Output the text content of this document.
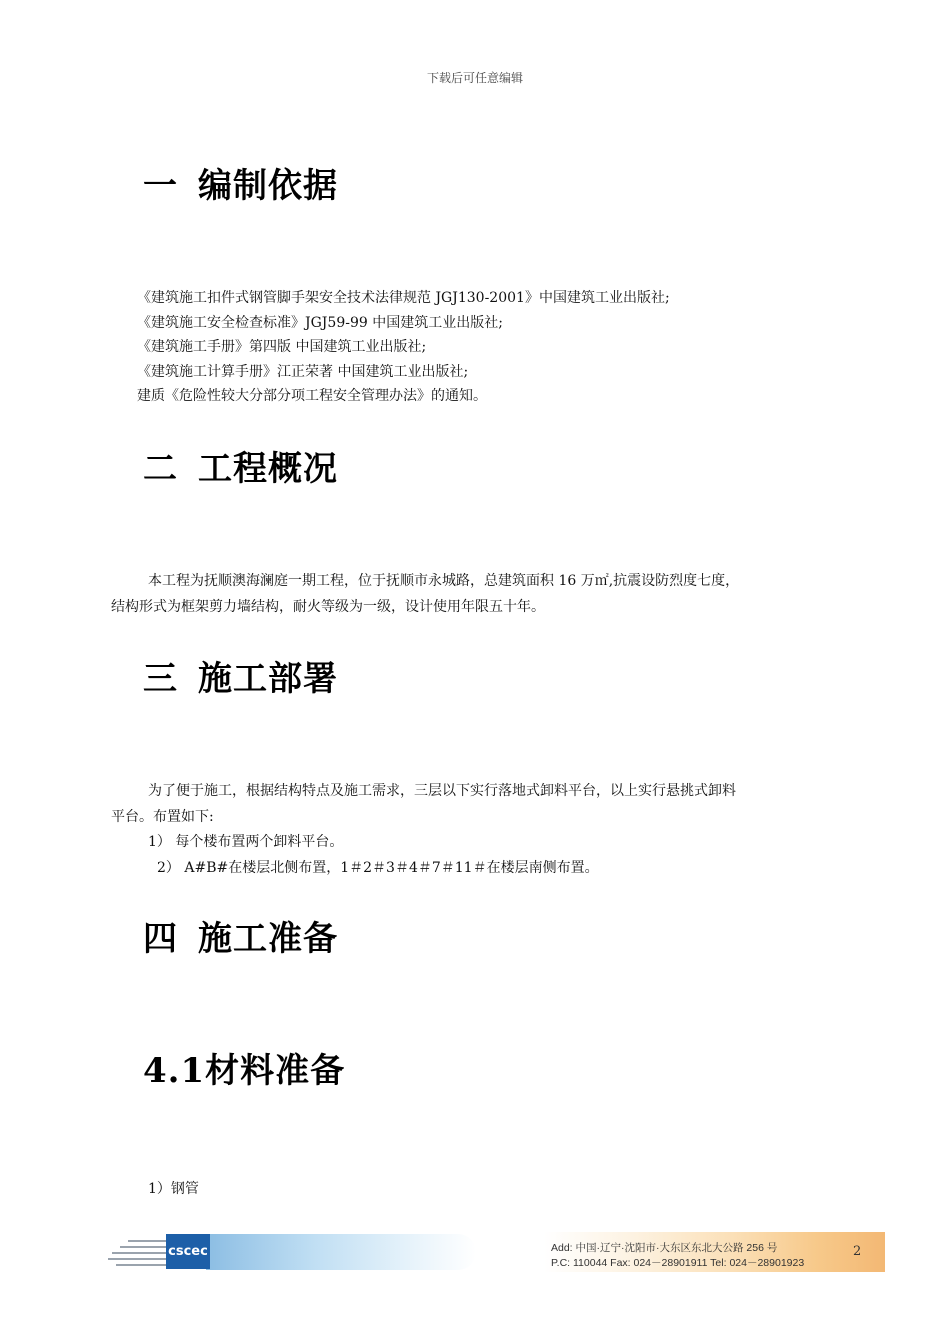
下载后可任意编辑
一 编制依据
《建筑施工扣件式钢管脚手架安全技术法律规范 JGJ130-2001》中国建筑工业出版社;
《建筑施工安全检查标准》JGJ59-99 中国建筑工业出版社;
《建筑施工手册》第四版 中国建筑工业出版社;
《建筑施工计算手册》江正荣著 中国建筑工业出版社;
建质《危险性较大分部分项工程安全管理办法》的通知。
二 工程概况
本工程为抚顺澳海澜庭一期工程，位于抚顺市永城路，总建筑面积 16 万㎡,抗震设防烈度七度，
结构形式为框架剪力墙结构，耐火等级为一级，设计使用年限五十年。
三 施工部署
为了便于施工，根据结构特点及施工需求，三层以下实行落地式卸料平台，以上实行悬挑式卸料
平台。布置如下:
1） 每个楼布置两个卸料平台。
2） A#B#在楼层北侧布置，1＃2＃3＃4＃7＃11＃在楼层南侧布置。
四 施工准备
4.1材料准备
1）钢管
cscec	Add: 中国·辽宁·沈阳市·大东区东北大公路 256 号
P.C: 110044 Fax: 024－28901911 Tel: 024－28901923
2
